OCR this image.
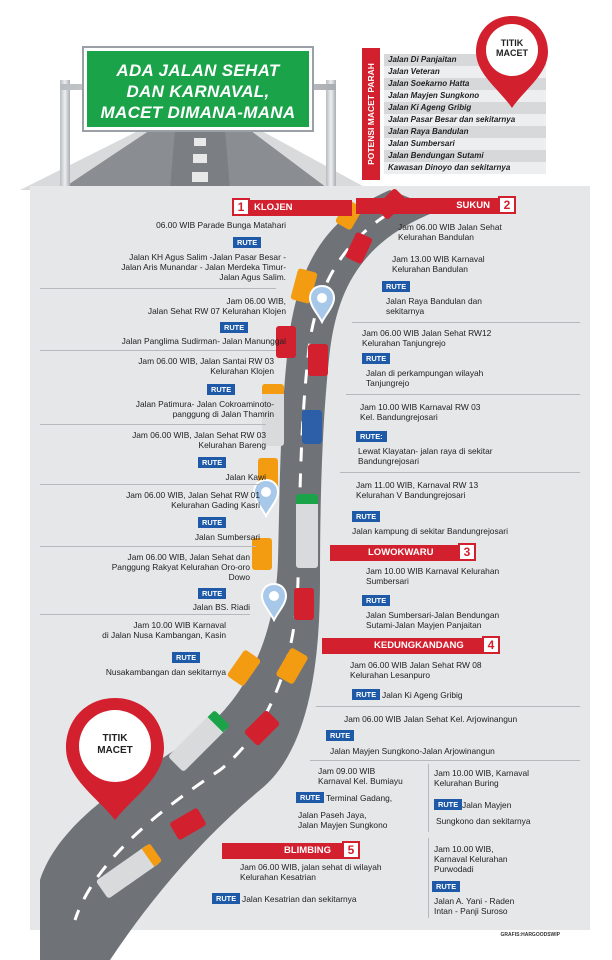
ADA JALAN SEHAT
DAN KARNAVAL,
MACET DIMANA-MANA	POTENSI MACET PARAH
Jalan Di Panjaitan
Jalan Veteran
Jalan Soekarno Hatta
Jalan Mayjen Sungkono
Jalan Ki Ageng Gribig
Jalan Pasar Besar dan sekitarnya
Jalan Raya Bandulan
Jalan Sumbersari
Jalan Bendungan Sutami
Kawasan Dinoyo dan sekitarnya
TITIK
MACET
TITIK
MACET
1	KLOJEN
06.00 WIB Parade Bunga Matahari
RUTE
Jalan KH Agus Salim -Jalan Pasar Besar -
Jalan Aris Munandar - Jalan Merdeka Timur-
Jalan Agus Salim.
Jam 06.00 WIB,
Jalan Sehat RW 07 Kelurahan Klojen
RUTE
Jalan Panglima Sudirman- Jalan Manunggal
Jam 06.00 WIB, Jalan Santai RW 03
Kelurahan Klojen
RUTE
Jalan Patimura- Jalan Cokroaminoto-
panggung di Jalan Thamrin
Jam 06.00 WIB, Jalan Sehat RW 03
Kelurahan Bareng
RUTE
Jalan Kawi
Jam 06.00 WIB, Jalan Sehat RW 01
Kelurahan Gading Kasri
RUTE
Jalan Sumbersari
Jam 06.00 WIB, Jalan Sehat dan
Panggung Rakyat Kelurahan Oro-oro
Dowo
RUTE
Jalan BS. Riadi
Jam 10.00 WIB Karnaval
di Jalan Nusa Kambangan, Kasin
RUTE
Nusakambangan dan sekitarnya
SUKUN	2
Jam 06.00 WIB Jalan Sehat
Kelurahan Bandulan
Jam 13.00 WIB Karnaval
Kelurahan Bandulan
RUTE
Jalan Raya Bandulan dan
sekitarnya
Jam 06.00 WIB Jalan Sehat RW12
Kelurahan Tanjungrejo
RUTE
Jalan di perkampungan wilayah
Tanjungrejo
Jam 10.00 WIB Karnaval RW 03
Kel. Bandungrejosari
RUTE:
Lewat Klayatan- jalan raya di sekitar
Bandungrejosari
Jam 11.00 WIB, Karnaval RW 13
Kelurahan V Bandungrejosari
RUTE
Jalan kampung di sekitar Bandungrejosari
LOWOKWARU	3
Jam 10.00 WIB Karnaval Kelurahan
Sumbersari
RUTE
Jalan Sumbersari-Jalan Bendungan
Sutami-Jalan Mayjen Panjaitan
KEDUNGKANDANG	4
Jam 06.00 WIB Jalan Sehat RW 08
Kelurahan Lesanpuro
RUTE Jalan Ki Ageng Gribig
Jam 06.00 WIB Jalan Sehat Kel. Arjowinangun
RUTE
Jalan Mayjen Sungkono-Jalan Arjowinangun
Jam 09.00 WIB
Karnaval Kel. Bumiayu
RUTE Terminal Gadang,
Jalan Paseh Jaya,
Jalan Mayjen Sungkono
Jam 10.00 WIB, Karnaval
Kelurahan Buring
RUTE Jalan Mayjen
Sungkono dan sekitarnya
BLIMBING	5
Jam 06.00 WIB, jalan sehat di wilayah
Kelurahan Kesatrian
RUTE Jalan Kesatrian dan sekitarnya
Jam 10.00 WIB,
Karnaval Kelurahan
Purwodadi
RUTE
Jalan A. Yani - Raden
Intan - Panji Suroso
GRAFIS:HARGOODSWIP
